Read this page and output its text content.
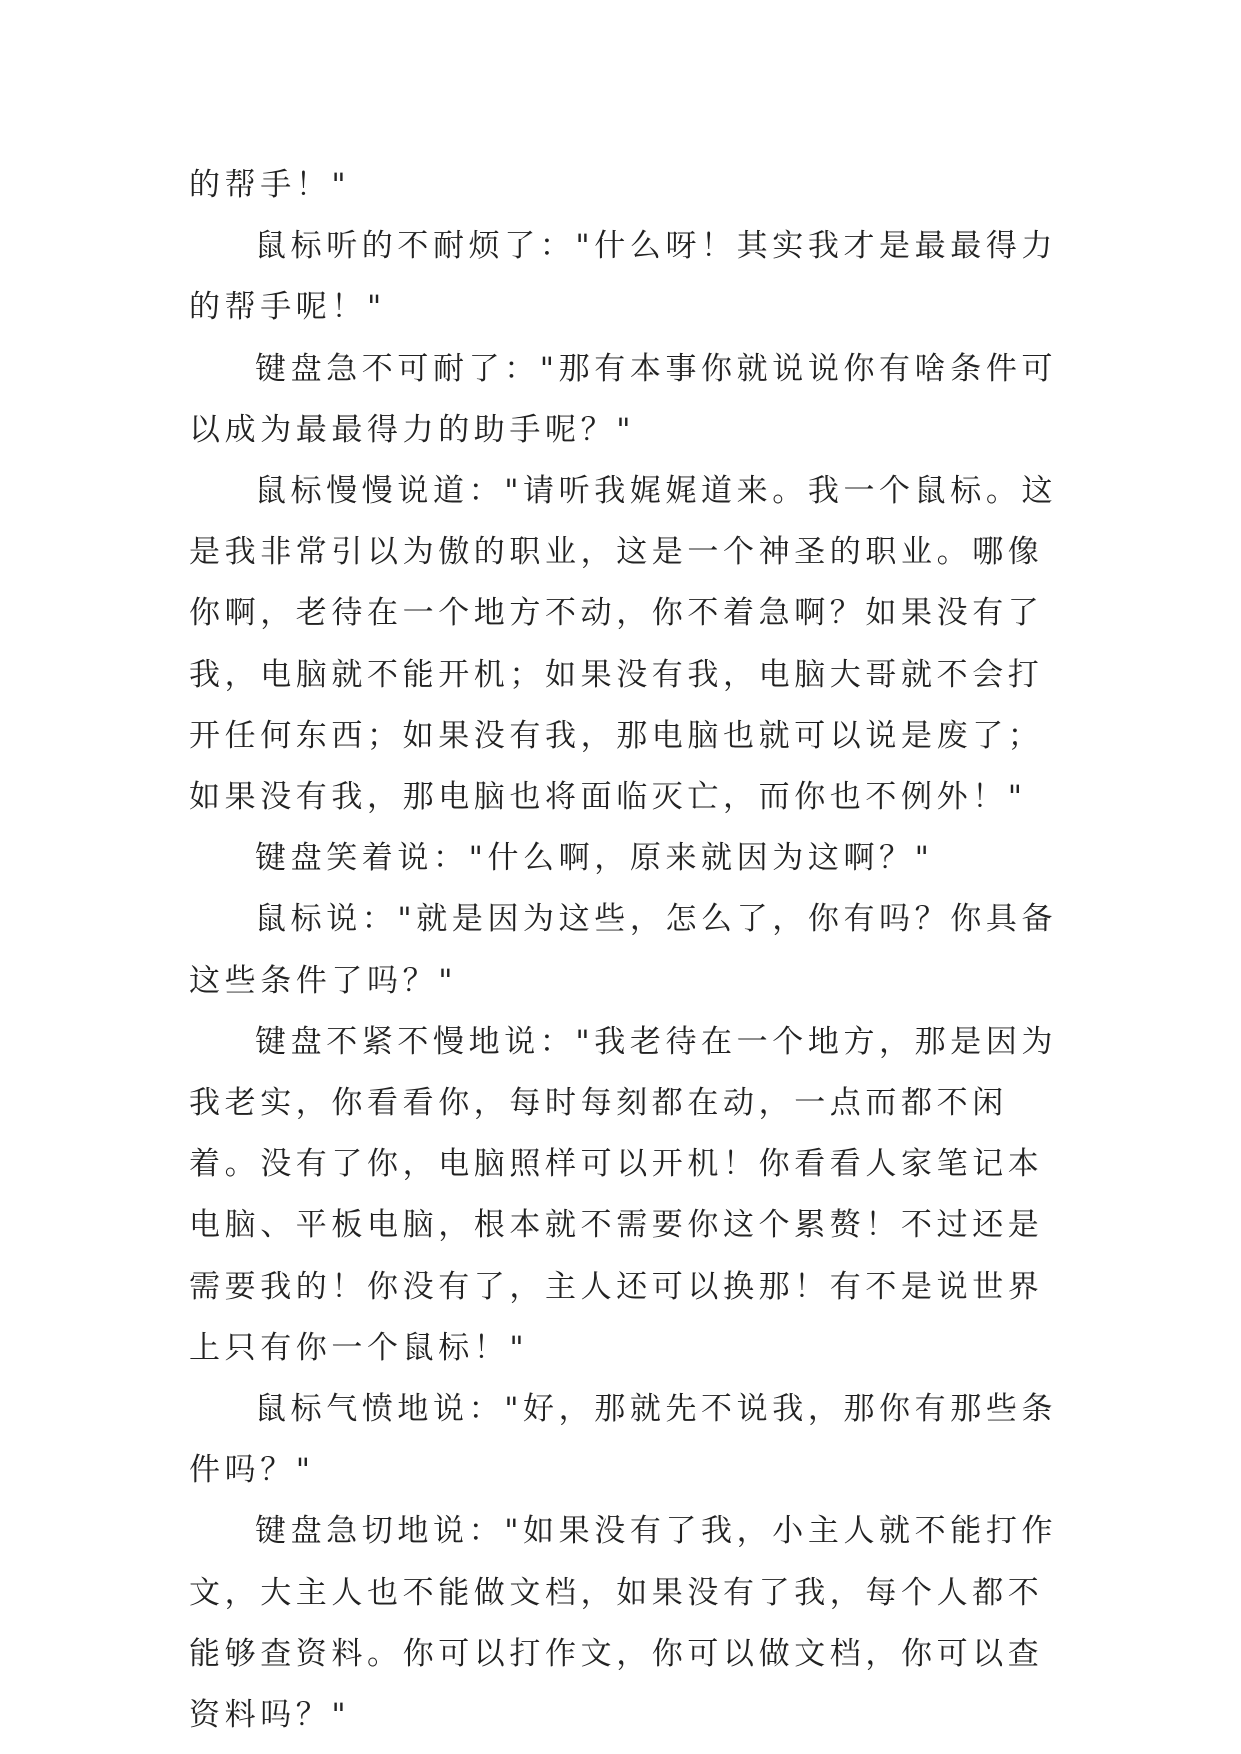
的帮手！"

鼠标听的不耐烦了："什么呀！其实我才是最最得力的帮手呢！"

键盘急不可耐了："那有本事你就说说你有啥条件可以成为最最得力的助手呢？"

鼠标慢慢说道："请听我娓娓道来。我一个鼠标。这是我非常引以为傲的职业，这是一个神圣的职业。哪像你啊，老待在一个地方不动，你不着急啊？如果没有了我，电脑就不能开机；如果没有我，电脑大哥就不会打开任何东西；如果没有我，那电脑也就可以说是废了；如果没有我，那电脑也将面临灭亡，而你也不例外！"

键盘笑着说："什么啊，原来就因为这啊？"

鼠标说："就是因为这些，怎么了，你有吗？你具备这些条件了吗？"

键盘不紧不慢地说："我老待在一个地方，那是因为我老实，你看看你，每时每刻都在动，一点而都不闲着。没有了你，电脑照样可以开机！你看看人家笔记本电脑、平板电脑，根本就不需要你这个累赘！不过还是需要我的！你没有了，主人还可以换那！有不是说世界上只有你一个鼠标！"

鼠标气愤地说："好，那就先不说我，那你有那些条件吗？"

键盘急切地说："如果没有了我，小主人就不能打作文，大主人也不能做文档，如果没有了我，每个人都不能够查资料。你可以打作文，你可以做文档，你可以查资料吗？"
